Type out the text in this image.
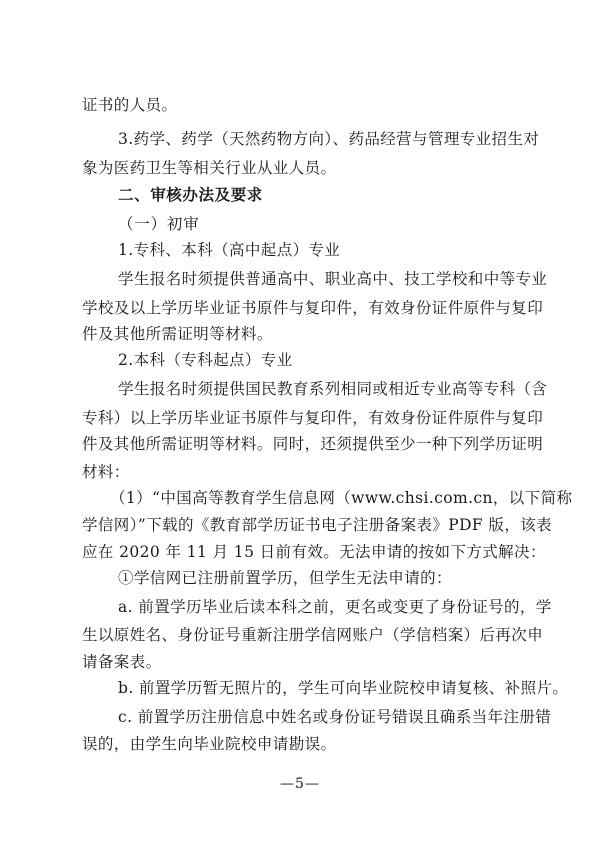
证书的人员。

3.药学、药学（天然药物方向）、药品经营与管理专业招生对

象为医药卫生等相关行业从业人员。

二、审核办法及要求

（一）初审

1.专科、本科（高中起点）专业

学生报名时须提供普通高中、职业高中、技工学校和中等专业

学校及以上学历毕业证书原件与复印件，有效身份证件原件与复印

件及其他所需证明等材料。

2.本科（专科起点）专业

学生报名时须提供国民教育系列相同或相近专业高等专科（含

专科）以上学历毕业证书原件与复印件，有效身份证件原件与复印

件及其他所需证明等材料。同时，还须提供至少一种下列学历证明

材料：

（1）“中国高等教育学生信息网（www.chsi.com.cn，以下简称

学信网）”下载的《教育部学历证书电子注册备案表》PDF 版，该表

应在 2020 年 11 月 15 日前有效。无法申请的按如下方式解决：

①学信网已注册前置学历，但学生无法申请的：

a. 前置学历毕业后读本科之前，更名或变更了身份证号的，学

生以原姓名、身份证号重新注册学信网账户（学信档案）后再次申

请备案表。

b. 前置学历暂无照片的，学生可向毕业院校申请复核、补照片。

c. 前置学历注册信息中姓名或身份证号错误且确系当年注册错

误的，由学生向毕业院校申请勘误。

—5—
